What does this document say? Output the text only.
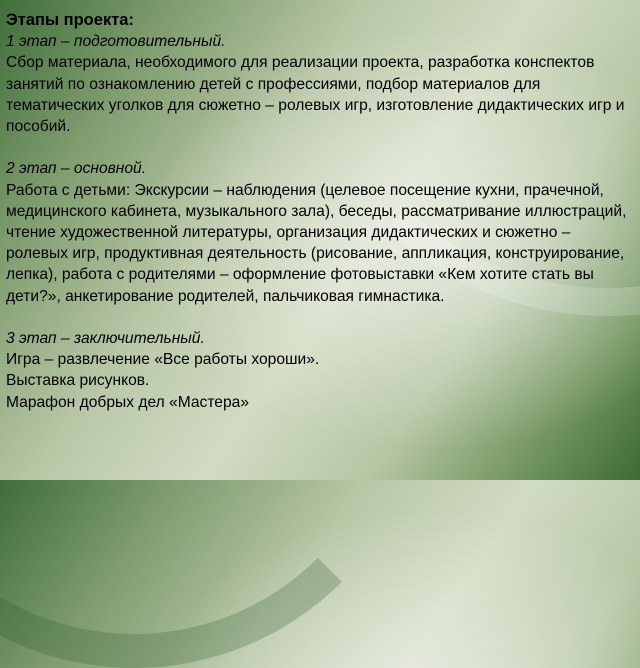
Этапы проекта:

1 этап – подготовительный.

Сбор материала, необходимого для реализации проекта, разработка конспектов занятий по ознакомлению детей с профессиями, подбор материалов для тематических уголков для сюжетно – ролевых игр, изготовление дидактических игр и пособий.

2 этап – основной.

Работа с детьми: Экскурсии – наблюдения (целевое посещение кухни, прачечной, медицинского кабинета, музыкального зала), беседы, рассматривание иллюстраций, чтение художественной литературы, организация дидактических и сюжетно – ролевых игр, продуктивная деятельность (рисование, аппликация, конструирование, лепка), работа с родителями – оформление фотовыставки «Кем хотите стать вы дети?», анкетирование родителей, пальчиковая гимнастика.

3 этап – заключительный.

Игра – развлечение «Все работы хороши».

Выставка рисунков.

Марафон добрых дел «Мастера»
